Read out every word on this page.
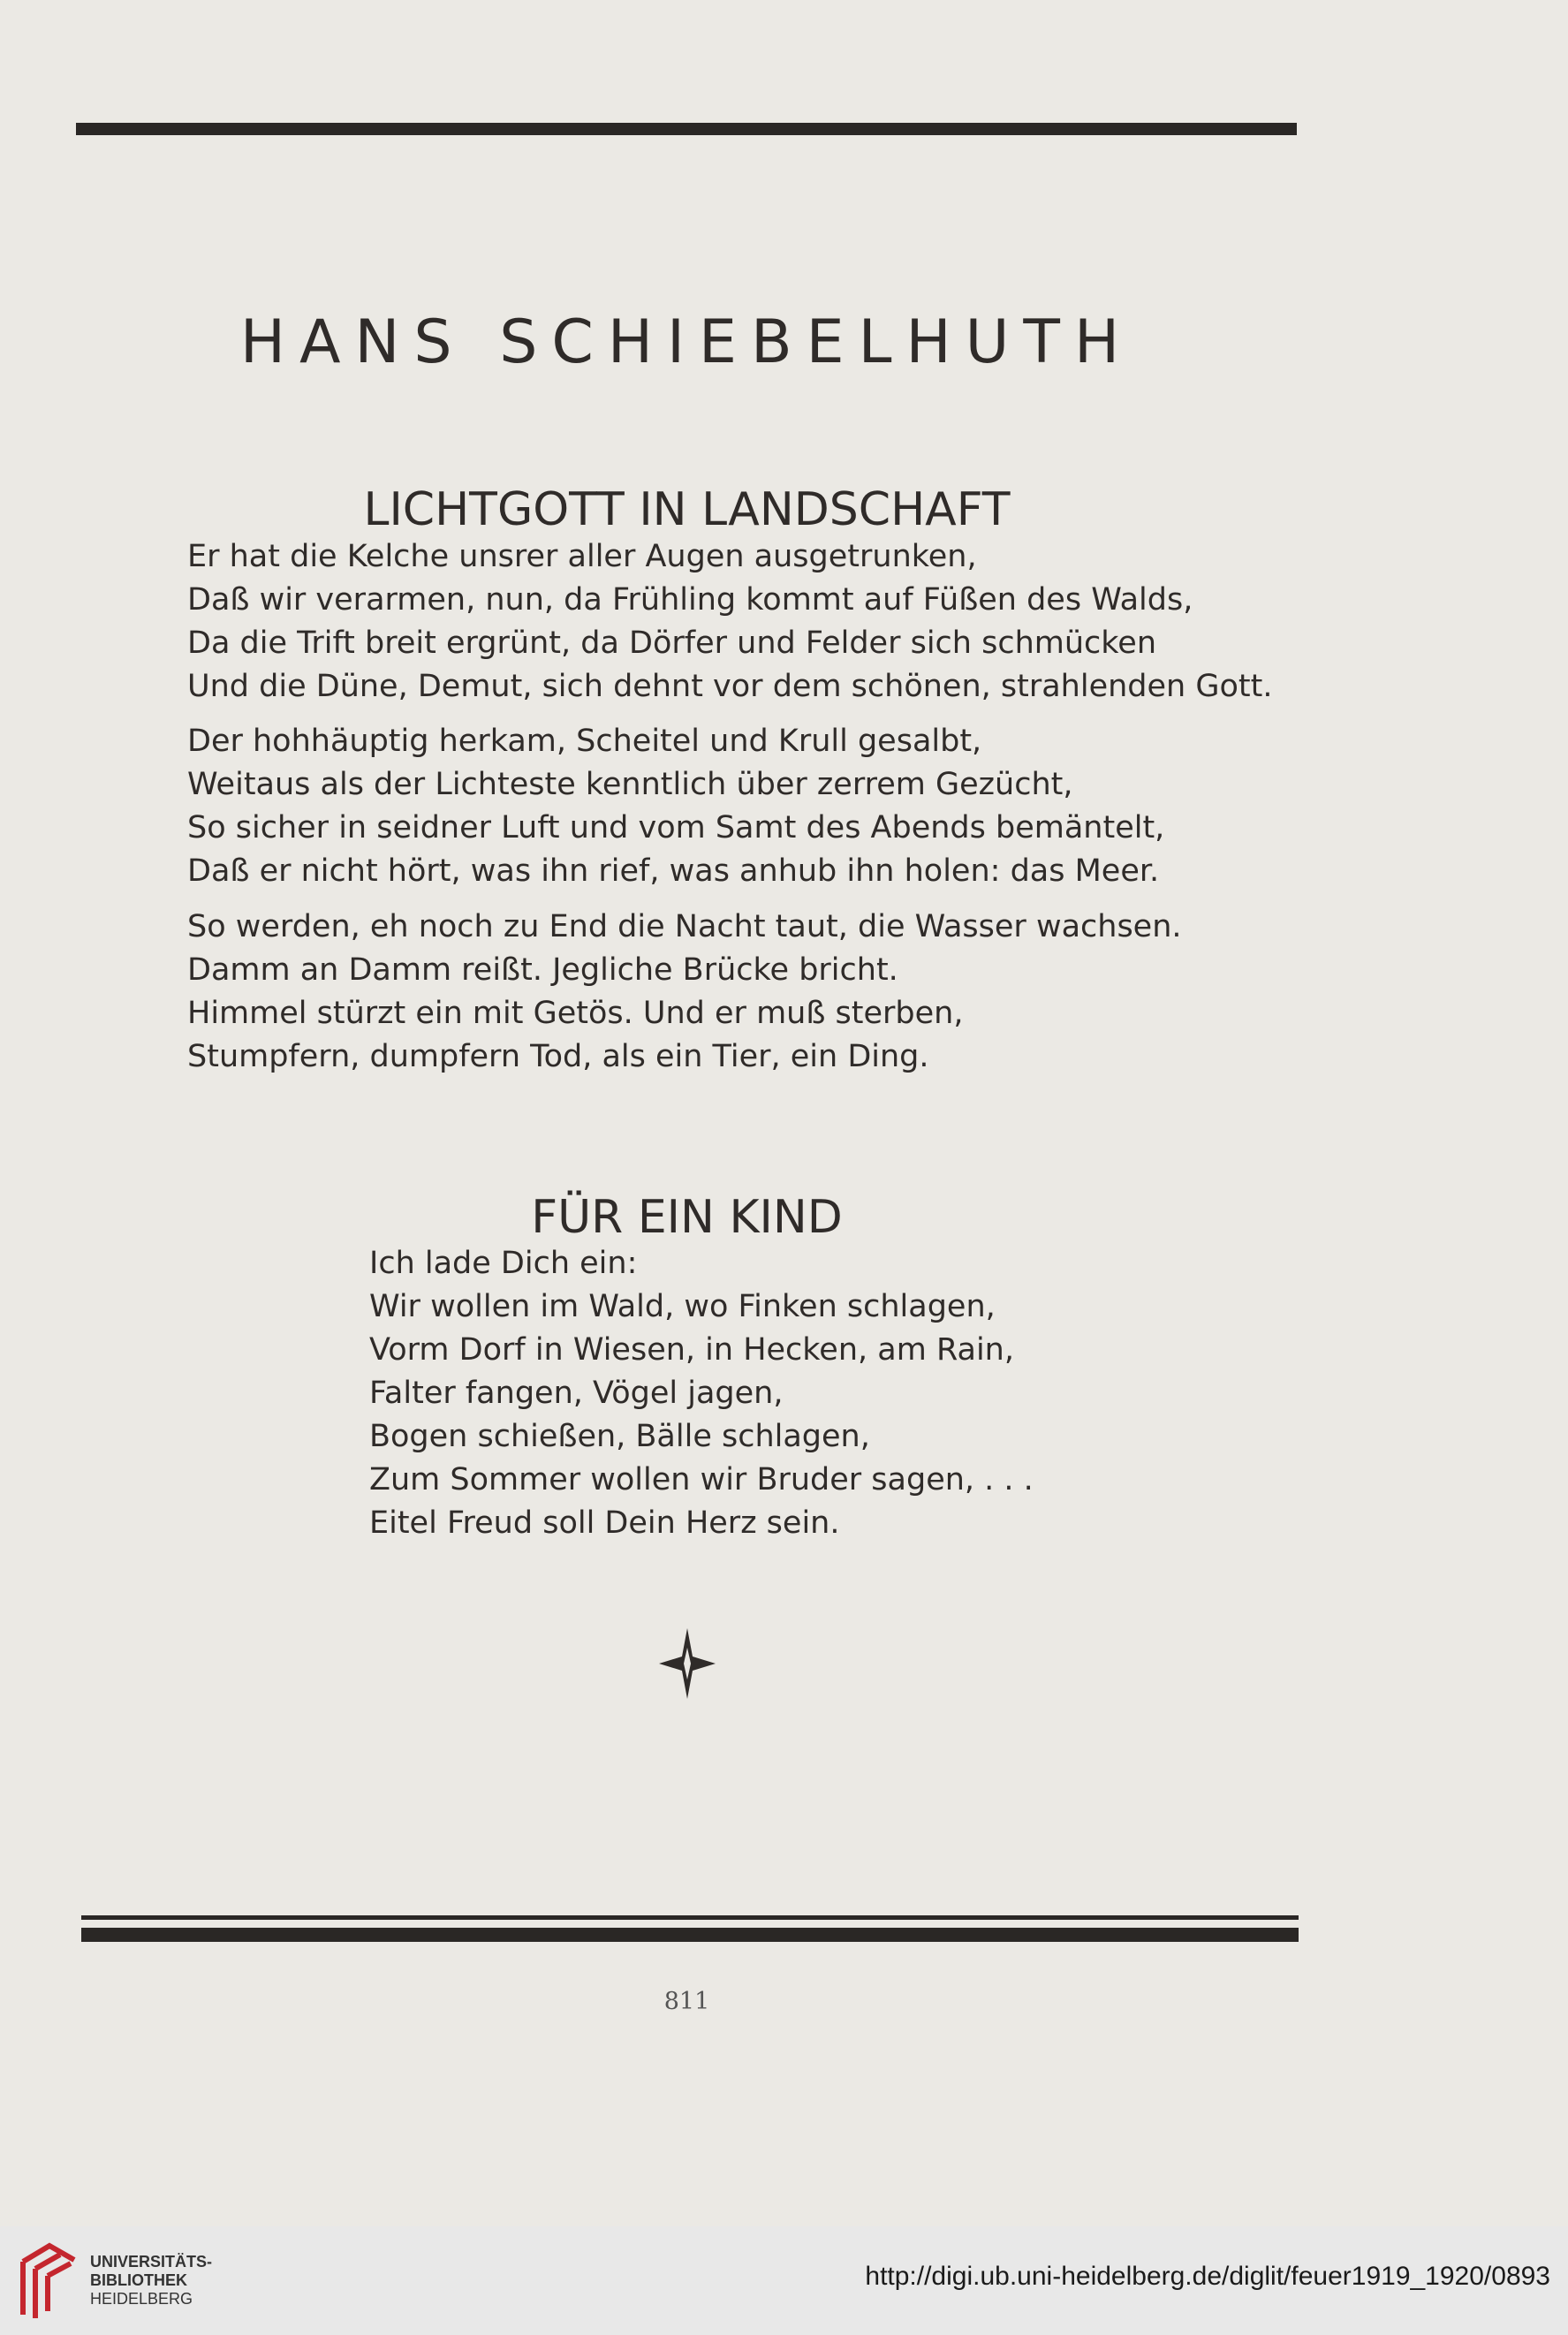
HANS SCHIEBELHUTH
LICHTGOTT IN LANDSCHAFT
Er hat die Kelche unsrer aller Augen ausgetrunken,
Daß wir verarmen, nun, da Frühling kommt auf Füßen des Walds,
Da die Trift breit ergrünt, da Dörfer und Felder sich schmücken
Und die Düne, Demut, sich dehnt vor dem schönen, strahlenden Gott.
Der hohhäuptig herkam, Scheitel und Krull gesalbt,
Weitaus als der Lichteste kenntlich über zerrem Gezücht,
So sicher in seidner Luft und vom Samt des Abends bemäntelt,
Daß er nicht hört, was ihn rief, was anhub ihn holen: das Meer.
So werden, eh noch zu End die Nacht taut, die Wasser wachsen.
Damm an Damm reißt. Jegliche Brücke bricht.
Himmel stürzt ein mit Getös. Und er muß sterben,
Stumpfern, dumpfern Tod, als ein Tier, ein Ding.
FÜR EIN KIND
Ich lade Dich ein:
Wir wollen im Wald, wo Finken schlagen,
Vorm Dorf in Wiesen, in Hecken, am Rain,
Falter fangen, Vögel jagen,
Bogen schießen, Bälle schlagen,
Zum Sommer wollen wir Bruder sagen, . . .
Eitel Freud soll Dein Herz sein.
811
UNIVERSITÄTS-
BIBLIOTHEK
HEIDELBERG
http://digi.ub.uni-heidelberg.de/diglit/feuer1919_1920/0893
